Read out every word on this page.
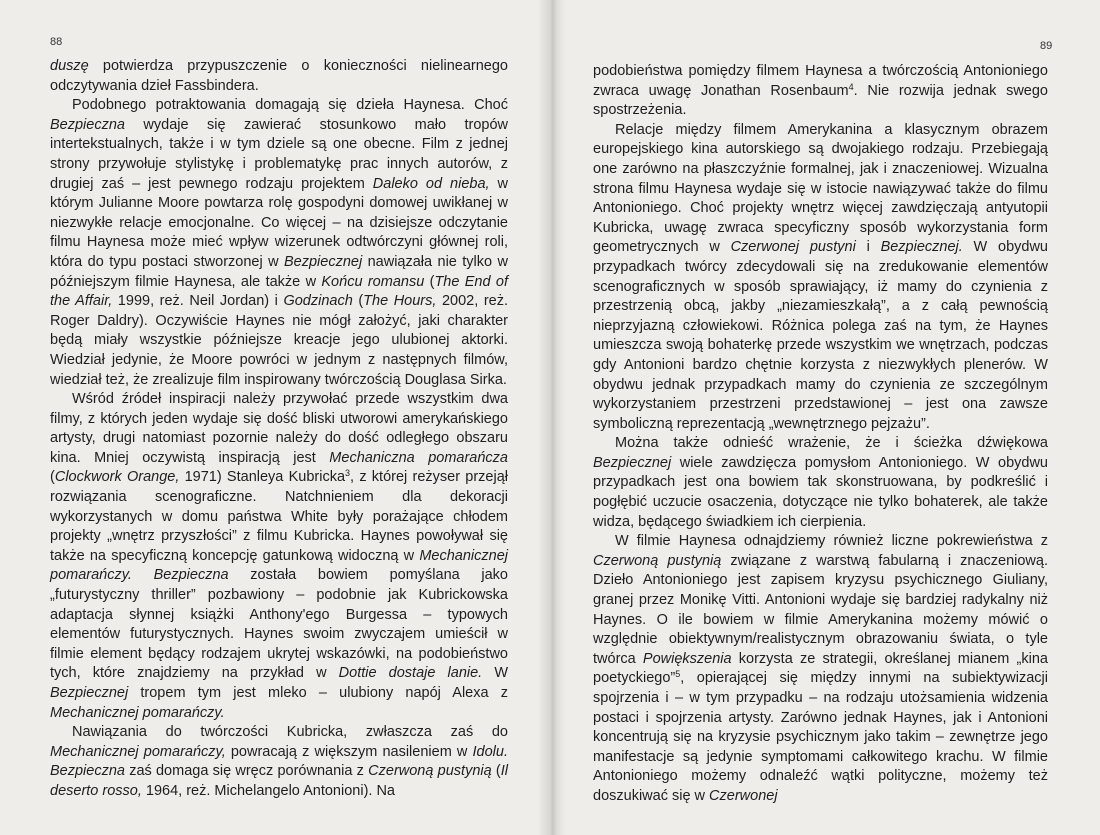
88

duszę potwierdza przypuszczenie o konieczności nielinearnego odczytywania dzieł Fassbindera.

Podobnego potraktowania domagają się dzieła Haynesa. Choć Bezpieczna wydaje się zawierać stosunkowo mało tropów intertekstualnych, także i w tym dziele są one obecne. Film z jednej strony przywołuje stylistykę i problematykę prac innych autorów, z drugiej zaś – jest pewnego rodzaju projektem Daleko od nieba, w którym Julianne Moore powtarza rolę gospodyni domowej uwikłanej w niezwykłe relacje emocjonalne. Co więcej – na dzisiejsze odczytanie filmu Haynesa może mieć wpływ wizerunek odtwórczyni głównej roli, która do typu postaci stworzonej w Bezpiecznej nawiązała nie tylko w późniejszym filmie Haynesa, ale także w Końcu romansu (The End of the Affair, 1999, reż. Neil Jordan) i Godzinach (The Hours, 2002, reż. Roger Daldry). Oczywiście Haynes nie mógł założyć, jaki charakter będą miały wszystkie późniejsze kreacje jego ulubionej aktorki. Wiedział jedynie, że Moore powróci w jednym z następnych filmów, wiedział też, że zrealizuje film inspirowany twórczością Douglasa Sirka.

Wśród źródeł inspiracji należy przywołać przede wszystkim dwa filmy, z których jeden wydaje się dość bliski utworowi amerykańskiego artysty, drugi natomiast pozornie należy do dość odległego obszaru kina. Mniej oczywistą inspiracją jest Mechaniczna pomarańcza (Clockwork Orange, 1971) Stanleya Kubricka$^3$, z której reżyser przejął rozwiązania scenograficzne. Natchnieniem dla dekoracji wykorzystanych w domu państwa White były porażające chłodem projekty „wnętrz przyszłości” z filmu Kubricka. Haynes powoływał się także na specyficzną koncepcję gatunkową widoczną w Mechanicznej pomarańczy. Bezpieczna została bowiem pomyślana jako „futurystyczny thriller” pozbawiony – podobnie jak Kubrickowska adaptacja słynnej książki Anthony'ego Burgessa – typowych elementów futurystycznych. Haynes swoim zwyczajem umieścił w filmie element będący rodzajem ukrytej wskazówki, na podobieństwo tych, które znajdziemy na przykład w Dottie dostaje lanie. W Bezpiecznej tropem tym jest mleko – ulubiony napój Alexa z Mechanicznej pomarańczy.

Nawiązania do twórczości Kubricka, zwłaszcza zaś do Mechanicznej pomarańczy, powracają z większym nasileniem w Idolu. Bezpieczna zaś domaga się wręcz porównania z Czerwoną pustynią (Il deserto rosso, 1964, reż. Michelangelo Antonioni). Na

89

podobieństwa pomiędzy filmem Haynesa a twórczością Antonioniego zwraca uwagę Jonathan Rosenbaum$^4$. Nie rozwija jednak swego spostrzeżenia.

Relacje między filmem Amerykanina a klasycznym obrazem europejskiego kina autorskiego są dwojakiego rodzaju. Przebiegają one zarówno na płaszczyźnie formalnej, jak i znaczeniowej. Wizualna strona filmu Haynesa wydaje się w istocie nawiązywać także do filmu Antonioniego. Choć projekty wnętrz więcej zawdzięczają antyutopii Kubricka, uwagę zwraca specyficzny sposób wykorzystania form geometrycznych w Czerwonej pustyni i Bezpiecznej. W obydwu przypadkach twórcy zdecydowali się na zredukowanie elementów scenograficznych w sposób sprawiający, iż mamy do czynienia z przestrzenią obcą, jakby „niezamieszkałą”, a z całą pewnością nieprzyjazną człowiekowi. Różnica polega zaś na tym, że Haynes umieszcza swoją bohaterkę przede wszystkim we wnętrzach, podczas gdy Antonioni bardzo chętnie korzysta z niezwykłych plenerów. W obydwu jednak przypadkach mamy do czynienia ze szczególnym wykorzystaniem przestrzeni przedstawionej – jest ona zawsze symboliczną reprezentacją „wewnętrznego pejzażu”.

Można także odnieść wrażenie, że i ścieżka dźwiękowa Bezpiecznej wiele zawdzięcza pomysłom Antonioniego. W obydwu przypadkach jest ona bowiem tak skonstruowana, by podkreślić i pogłębić uczucie osaczenia, dotyczące nie tylko bohaterek, ale także widza, będącego świadkiem ich cierpienia.

W filmie Haynesa odnajdziemy również liczne pokrewieństwa z Czerwoną pustynią związane z warstwą fabularną i znaczeniową. Dzieło Antonioniego jest zapisem kryzysu psychicznego Giuliany, granej przez Monikę Vitti. Antonioni wydaje się bardziej radykalny niż Haynes. O ile bowiem w filmie Amerykanina możemy mówić o względnie obiektywnym/realistycznym obrazowaniu świata, o tyle twórca Powiększenia korzysta ze strategii, określanej mianem „kina poetyckiego”$^5$, opierającej się między innymi na subiektywizacji spojrzenia i – w tym przypadku – na rodzaju utożsamienia widzenia postaci i spojrzenia artysty. Zarówno jednak Haynes, jak i Antonioni koncentrują się na kryzysie psychicznym jako takim – zewnętrze jego manifestacje są jedynie symptomami całkowitego krachu. W filmie Antonioniego możemy odnaleźć wątki polityczne, możemy też doszukiwać się w Czerwonej
